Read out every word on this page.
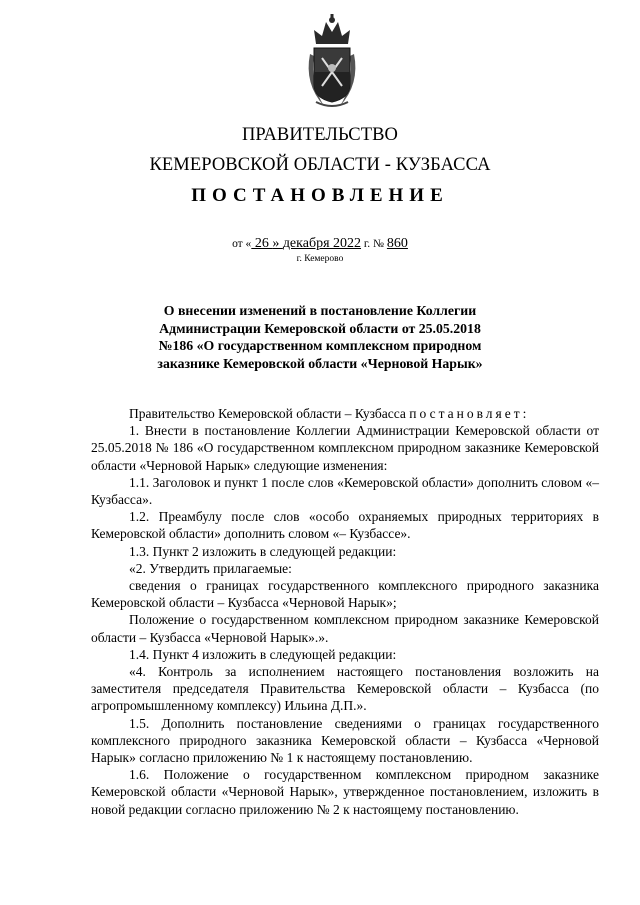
ПРАВИТЕЛЬСТВО
КЕМЕРОВСКОЙ ОБЛАСТИ - КУЗБАССА
ПОСТАНОВЛЕНИЕ
от « 26 » декабря 2022 г. № 860
г. Кемерово
О внесении изменений в постановление Коллегии
Администрации Кемеровской области от 25.05.2018
№186 «О государственном комплексном природном
заказнике Кемеровской области «Черновой Нарык»

Правительство Кемеровской области – Кузбасса постановляет:

1. Внести в постановление Коллегии Администрации Кемеровской области от 25.05.2018 № 186 «О государственном комплексном природном заказнике Кемеровской области «Черновой Нарык» следующие изменения:

1.1. Заголовок и пункт 1 после слов «Кемеровской области» дополнить словом «– Кузбасса».

1.2. Преамбулу после слов «особо охраняемых природных территориях в Кемеровской области» дополнить словом «– Кузбассе».

1.3. Пункт 2 изложить в следующей редакции:

«2. Утвердить прилагаемые:

сведения о границах государственного комплексного природного заказника Кемеровской области – Кузбасса «Черновой Нарык»;

Положение о государственном комплексном природном заказнике Кемеровской области – Кузбасса «Черновой Нарык».».

1.4. Пункт 4 изложить в следующей редакции:

«4. Контроль за исполнением настоящего постановления возложить на заместителя председателя Правительства Кемеровской области – Кузбасса (по агропромышленному комплексу) Ильина Д.П.».

1.5. Дополнить постановление сведениями о границах государственного комплексного природного заказника Кемеровской области – Кузбасса «Черновой Нарык» согласно приложению № 1 к настоящему постановлению.

1.6. Положение о государственном комплексном природном заказнике Кемеровской области «Черновой Нарык», утвержденное постановлением, изложить в новой редакции согласно приложению № 2 к настоящему постановлению.
